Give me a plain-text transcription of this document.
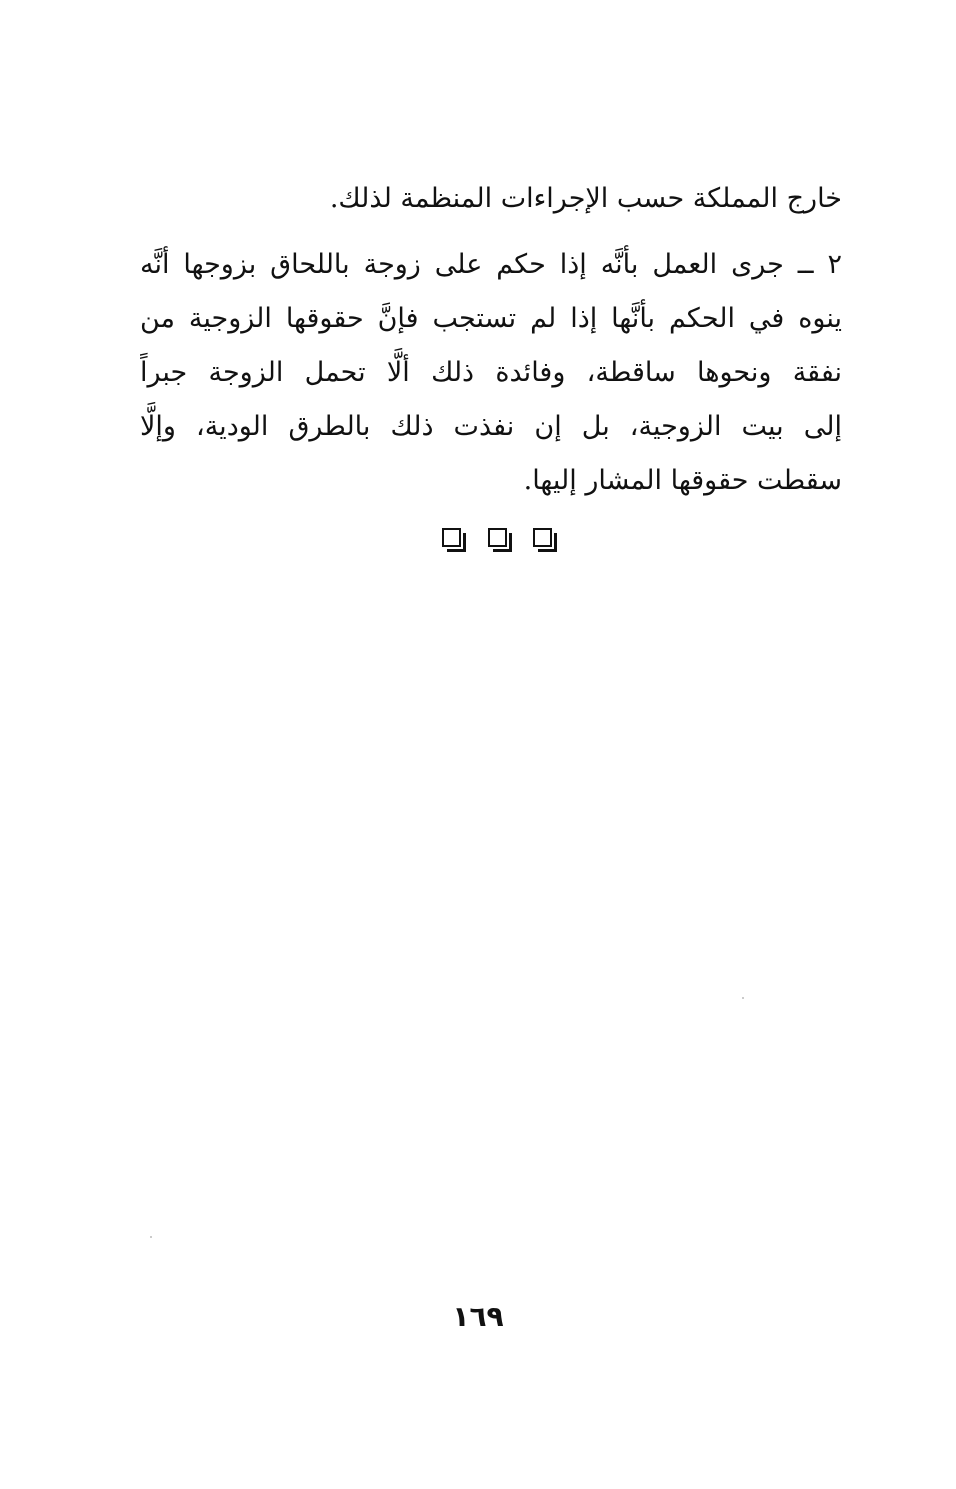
خارج المملكة حسب الإجراءات المنظمة لذلك.
٢ ــ جرى العمل بأنَّه إذا حكم على زوجة باللحاق بزوجها أنَّه
ينوه في الحكم بأنَّها إذا لم تستجب فإنَّ حقوقها الزوجية من
نفقة ونحوها ساقطة، وفائدة ذلك ألَّا تحمل الزوجة جبراً
إلى بيت الزوجية، بل إن نفذت ذلك بالطرق الودية، وإلَّا
سقطت حقوقها المشار إليها.
١٦٩
